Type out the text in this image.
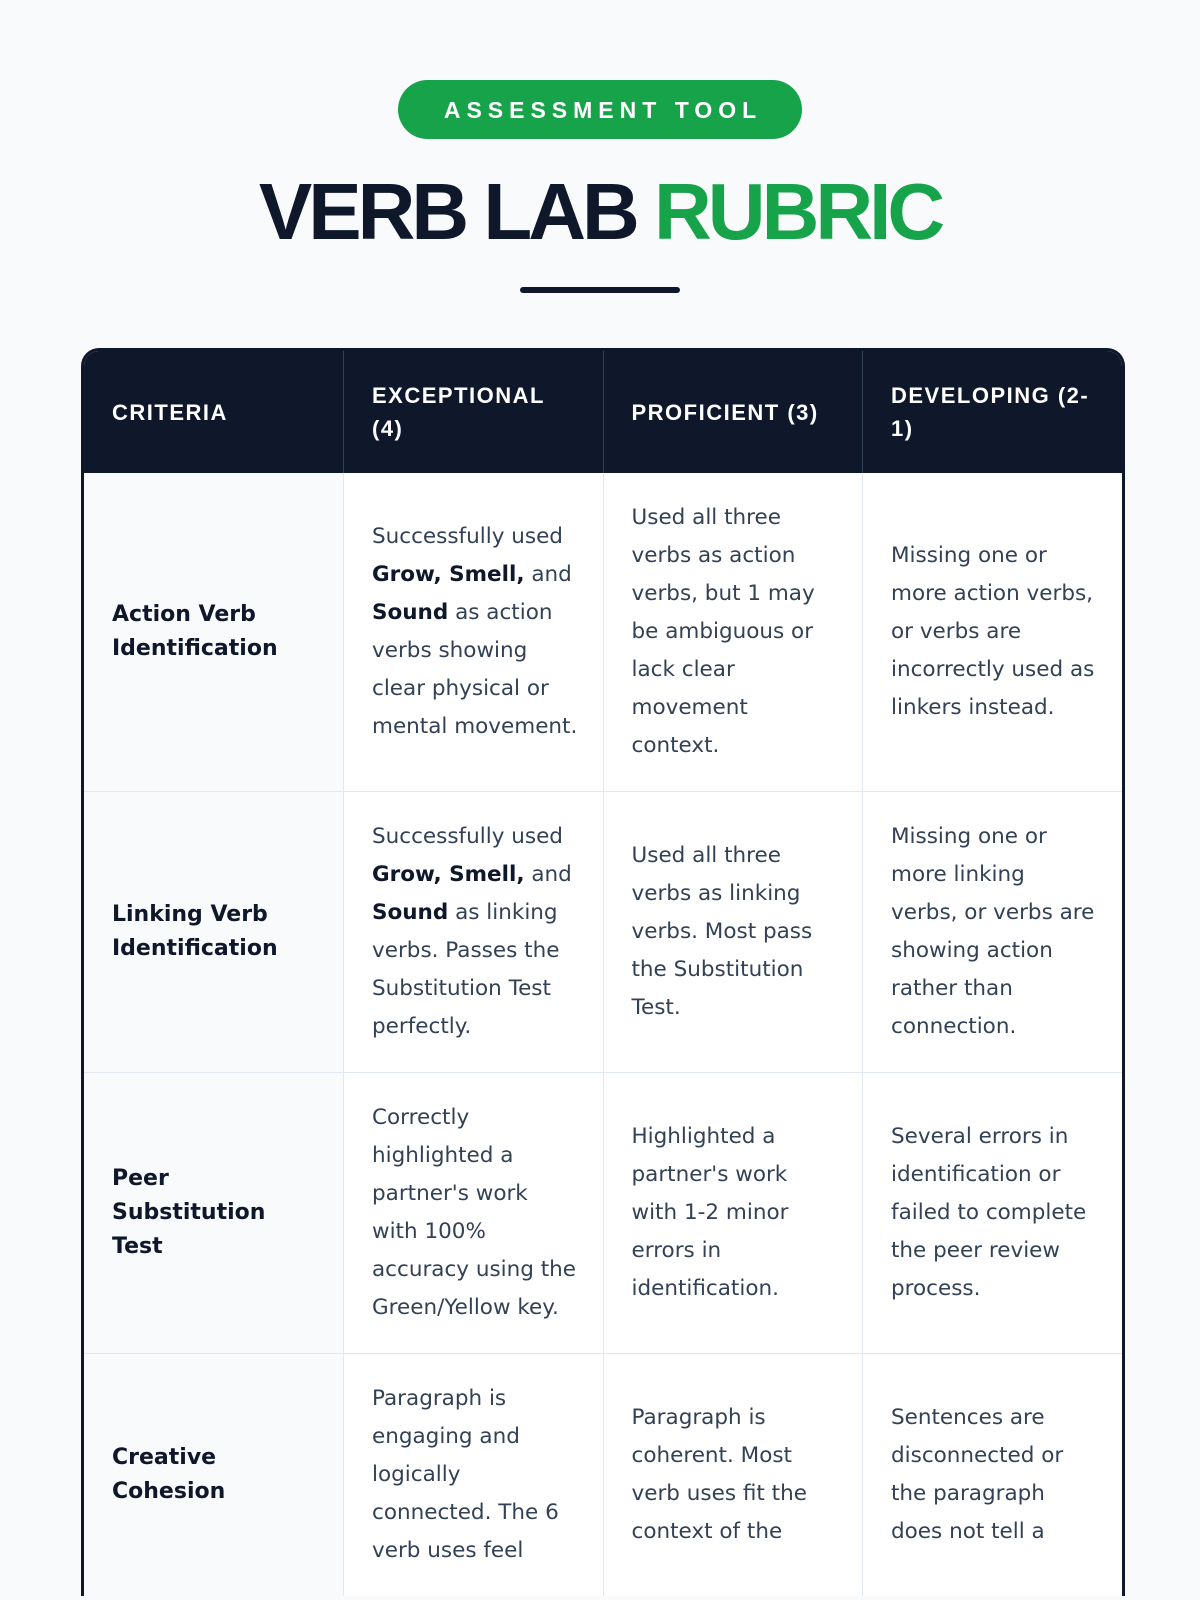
ASSESSMENT TOOL
VERB LAB RUBRIC
CRITERIA	EXCEPTIONAL (4)	PROFICIENT (3)	DEVELOPING (2-1)
Action Verb Identification	Successfully used Grow, Smell, and Sound as action verbs showing clear physical or mental movement.	Used all three verbs as action verbs, but 1 may be ambiguous or lack clear movement context.	Missing one or more action verbs, or verbs are incorrectly used as linkers instead.
Linking Verb Identification	Successfully used Grow, Smell, and Sound as linking verbs. Passes the Substitution Test perfectly.	Used all three verbs as linking verbs. Most pass the Substitution Test.	Missing one or more linking verbs, or verbs are showing action rather than connection.
Peer Substitution Test	Correctly highlighted a partner's work with 100% accuracy using the Green/Yellow key.	Highlighted a partner's work with 1-2 minor errors in identification.	Several errors in identification or failed to complete the peer review process.
Creative Cohesion	Paragraph is engaging and logically connected. The 6 verb uses feel	Paragraph is coherent. Most verb uses fit the context of the	Sentences are disconnected or the paragraph does not tell a
